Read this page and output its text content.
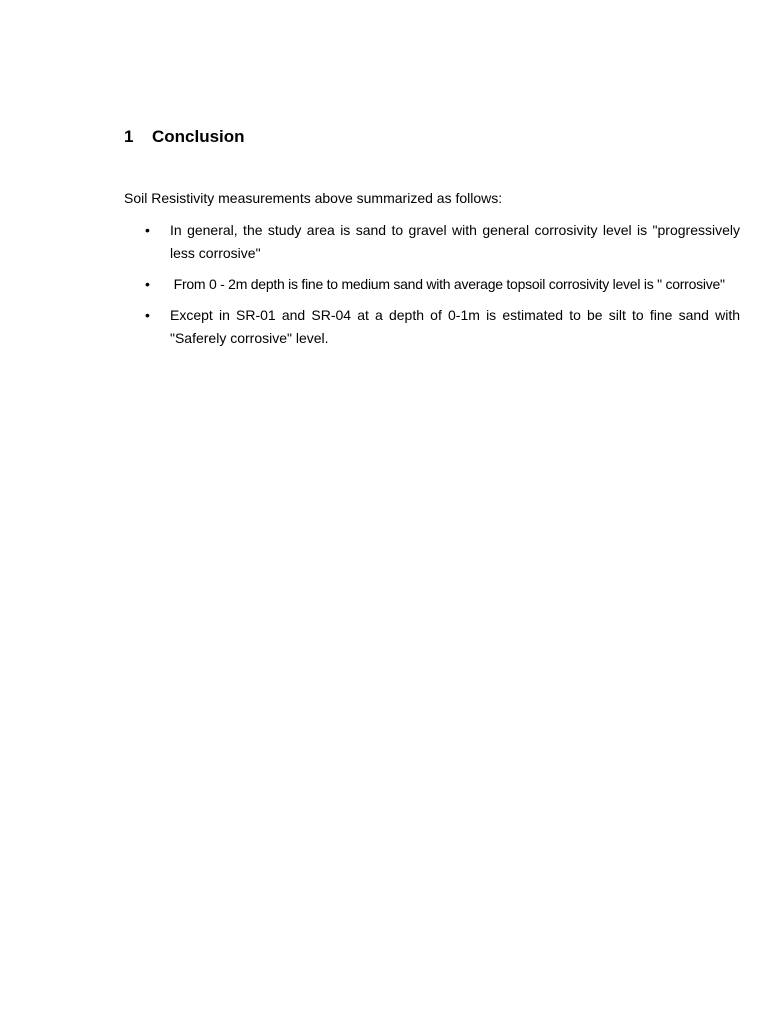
1 Conclusion
Soil Resistivity measurements above summarized as follows:
• In general, the study area is sand to gravel with general corrosivity level is "progressively less corrosive"
• From 0 - 2m depth is fine to medium sand with average topsoil corrosivity level is " corrosive"
• Except in SR-01 and SR-04 at a depth of 0-1m is estimated to be silt to fine sand with "Saferely corrosive" level.
